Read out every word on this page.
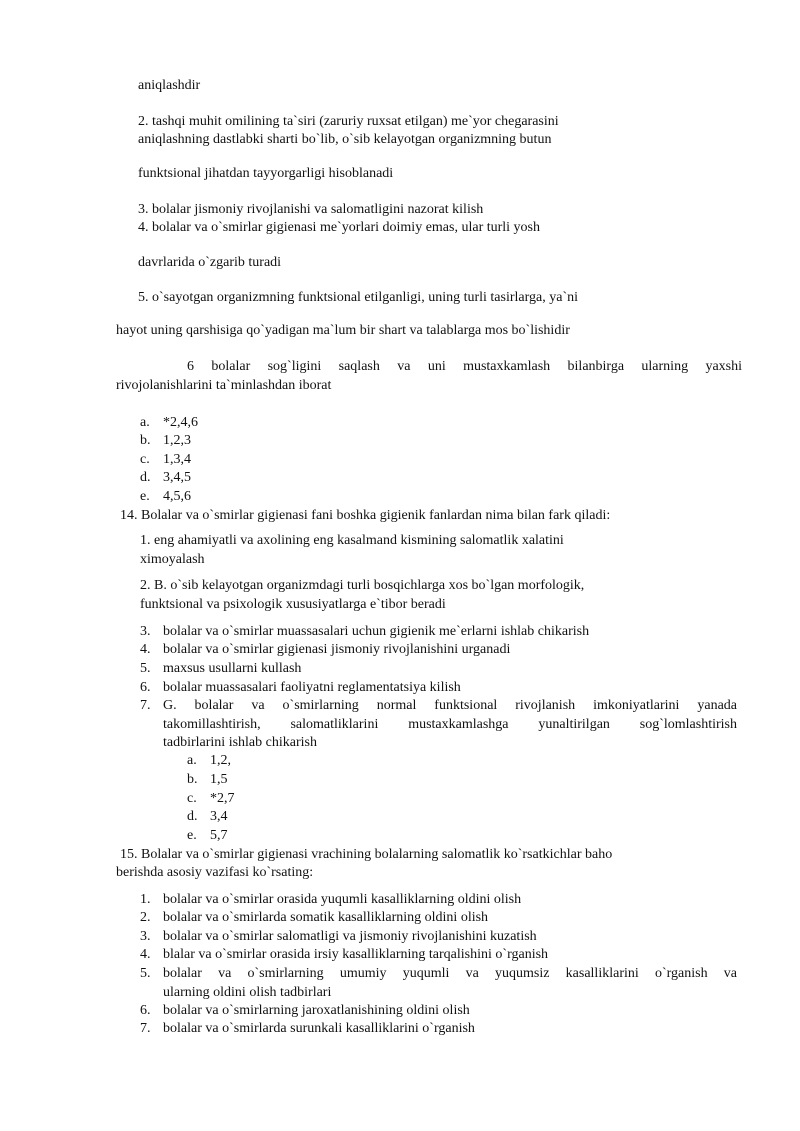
aniqlashdir
2. tashqi muhit omilining ta`siri (zaruriy ruxsat etilgan) me`yor chegarasini
aniqlashning dastlabki sharti bo`lib, o`sib kelayotgan organizmning butun
funktsional jihatdan tayyorgarligi hisoblanadi
3. bolalar jismoniy rivojlanishi va salomatligini nazorat kilish
4. bolalar va o`smirlar gigienasi me`yorlari doimiy emas, ular turli yosh
davrlarida o`zgarib turadi
5. o`sayotgan organizmning funktsional etilganligi, uning turli tasirlarga, ya`ni
hayot uning qarshisiga qo`yadigan ma`lum bir shart va talablarga mos bo`lishidir
6 bolalar sog`ligini saqlash va uni mustaxkamlash bilanbirga ularning yaxshi
rivojolanishlarini ta`minlashdan iborat
a. *2,4,6
b. 1,2,3
c. 1,3,4
d. 3,4,5
e. 4,5,6
14. Bolalar va o`smirlar gigienasi fani boshka gigienik fanlardan nima bilan fark qiladi:
1. eng ahamiyatli va axolining eng kasalmand kismining salomatlik xalatini
ximoyalash
2. B. o`sib kelayotgan organizmdagi turli bosqichlarga xos bo`lgan morfologik,
funktsional va psixologik xususiyatlarga e`tibor beradi
3. bolalar va o`smirlar muassasalari uchun gigienik me`erlarni ishlab chikarish
4. bolalar va o`smirlar gigienasi jismoniy rivojlanishini urganadi
5. maxsus usullarni kullash
6. bolalar muassasalari faoliyatni reglamentatsiya kilish
7. G. bolalar va o`smirlarning normal funktsional rivojlanish imkoniyatlarini yanada
takomillashtirish, salomatliklarini mustaxkamlashga yunaltirilgan sog`lomlashtirish
tadbirlarini ishlab chikarish
a. 1,2,
b. 1,5
c. *2,7
d. 3,4
e. 5,7
15. Bolalar va o`smirlar gigienasi vrachining bolalarning salomatlik ko`rsatkichlar baho
berishda asosiy vazifasi ko`rsating:
1. bolalar va o`smirlar orasida yuqumli kasalliklarning oldini olish
2. bolalar va o`smirlarda somatik kasalliklarning oldini olish
3. bolalar va o`smirlar salomatligi va jismoniy rivojlanishini kuzatish
4. blalar va o`smirlar orasida irsiy kasalliklarning tarqalishini o`rganish
5. bolalar va o`smirlarning umumiy yuqumli va yuqumsiz kasalliklarini o`rganish va
ularning oldini olish tadbirlari
6. bolalar va o`smirlarning jaroxatlanishining oldini olish
7. bolalar va o`smirlarda surunkali kasalliklarini o`rganish
